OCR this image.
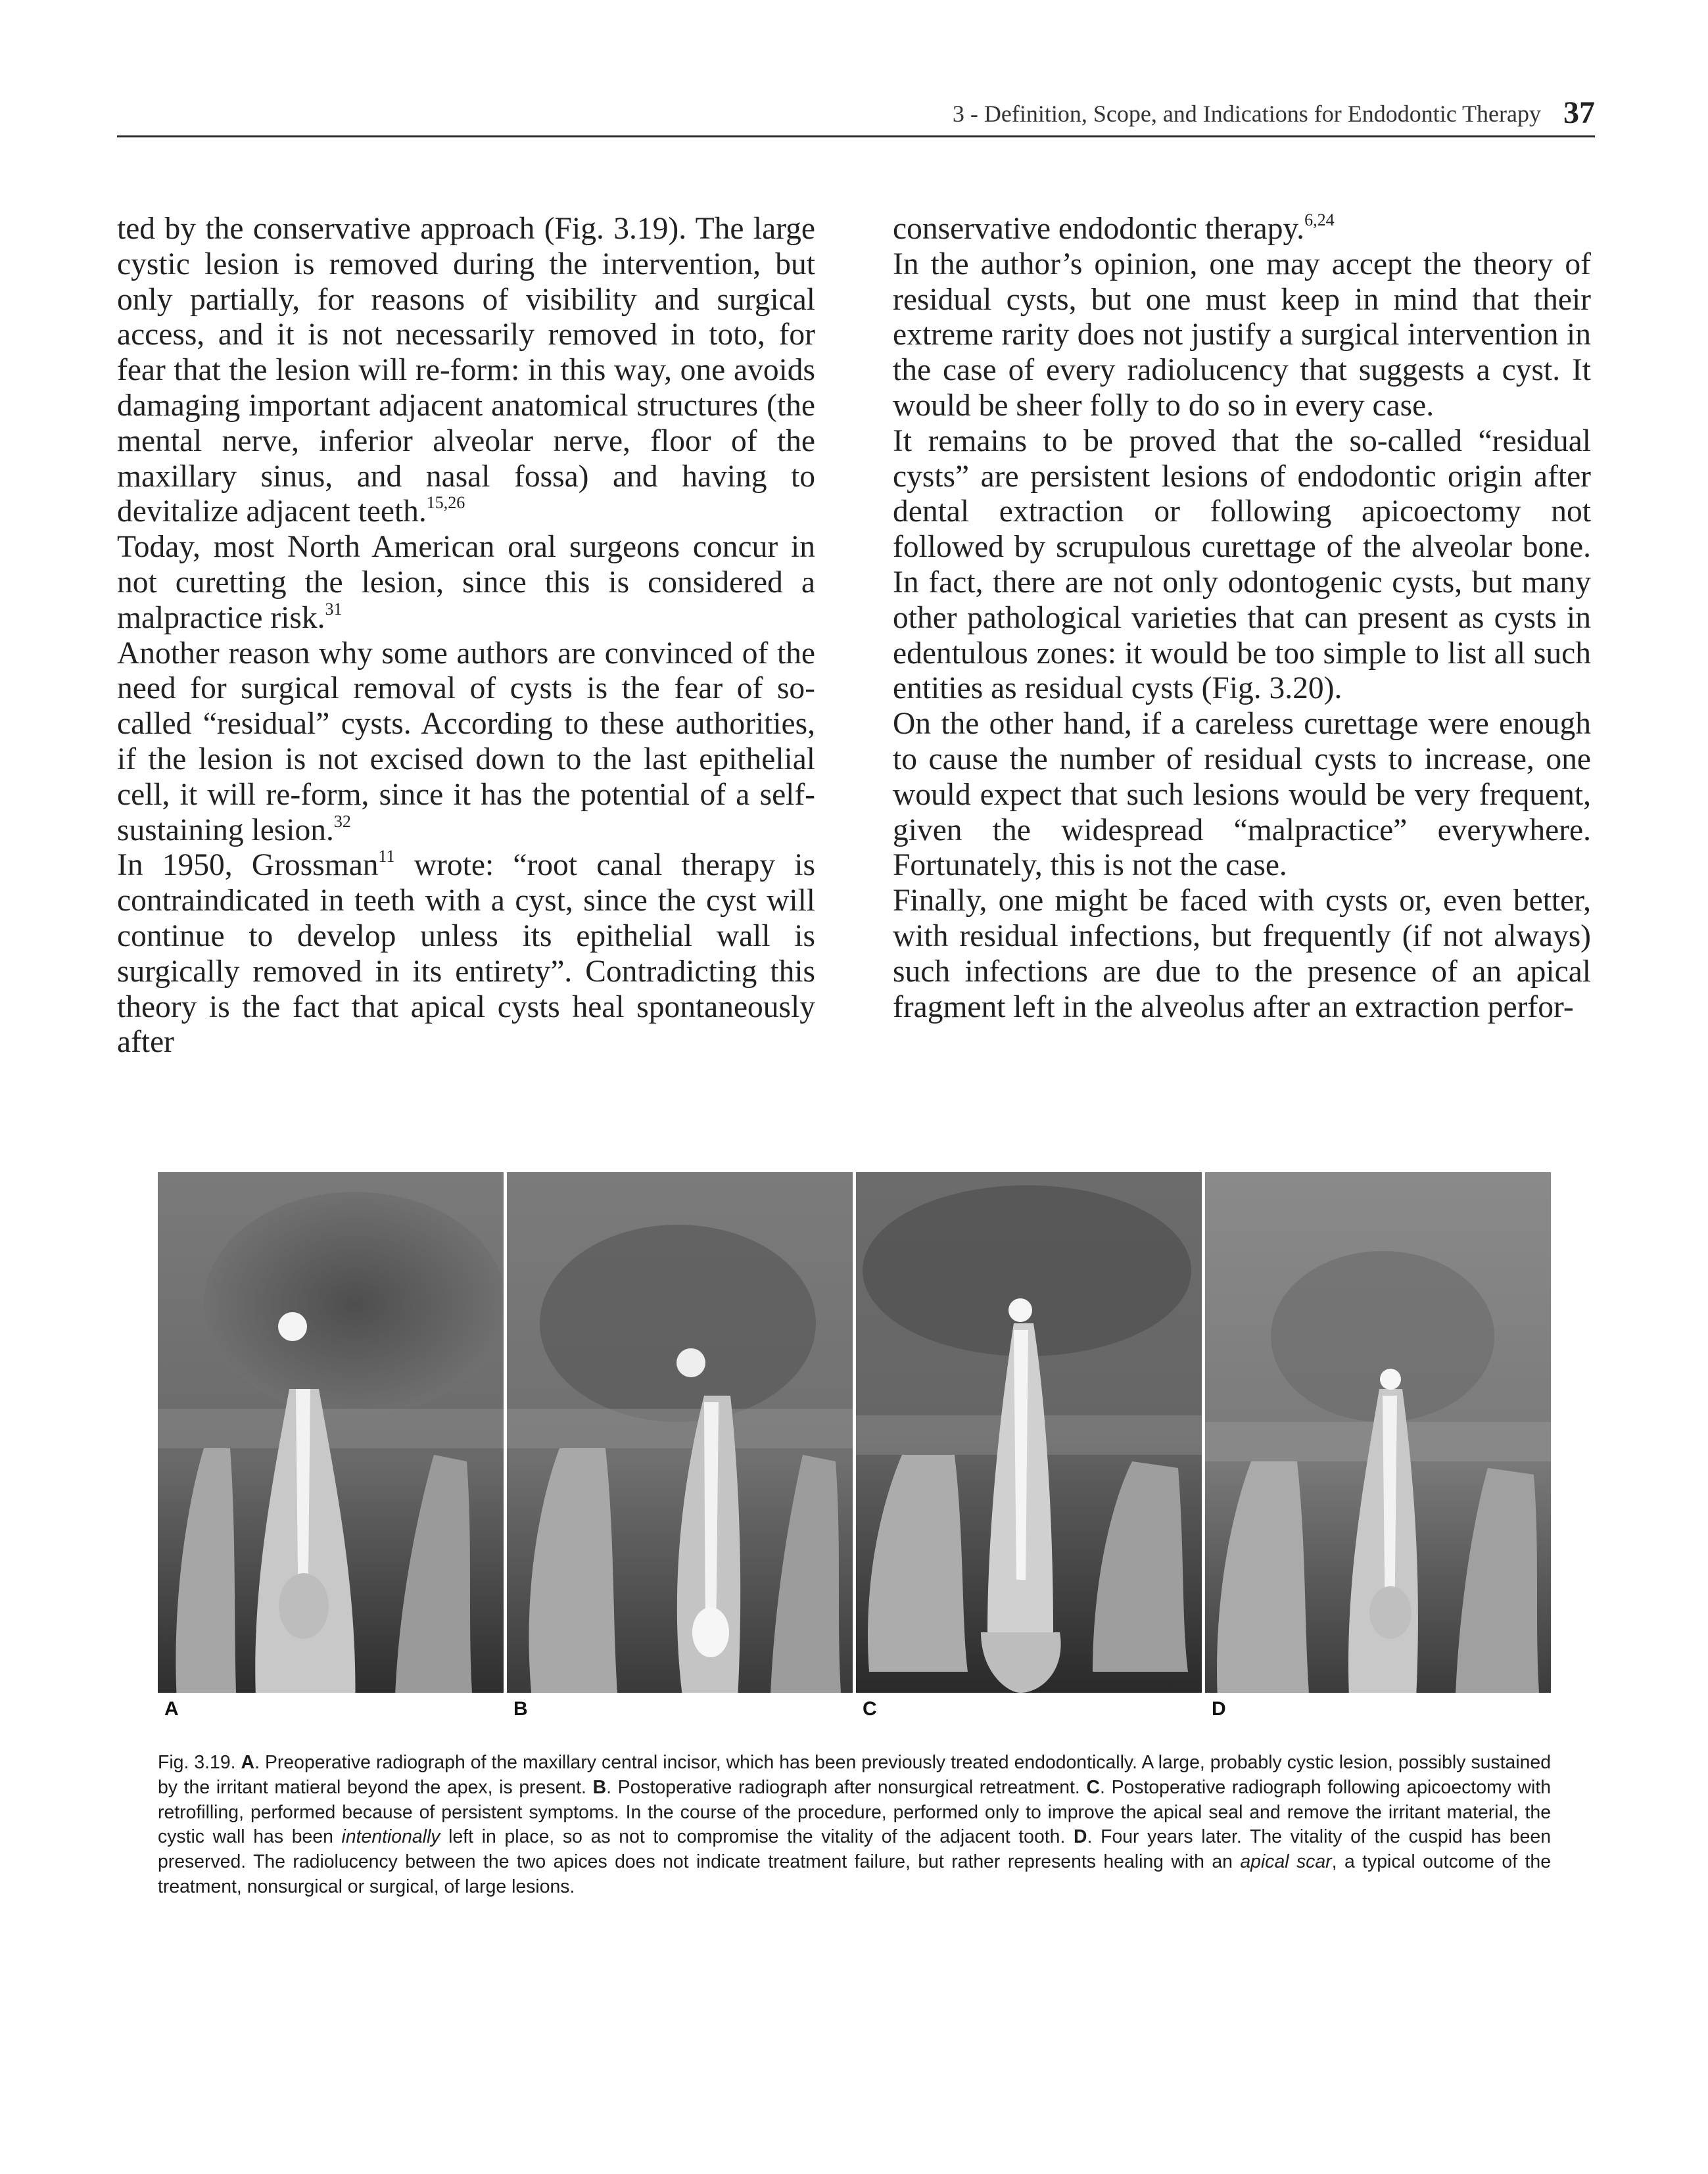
3 - Definition, Scope, and Indications for Endodontic Therapy 37

ted by the conservative approach (Fig. 3.19). The large cystic lesion is removed during the intervention, but only partially, for reasons of visibility and surgical access, and it is not necessarily removed in toto, for fear that the lesion will re-form: in this way, one avoids damaging important adjacent anatomical structures (the mental nerve, inferior alveolar nerve, floor of the maxillary sinus, and nasal fossa) and having to devitalize adjacent teeth.$^{15,26}$

Today, most North American oral surgeons concur in not curetting the lesion, since this is considered a malpractice risk.$^{31}$

Another reason why some authors are convinced of the need for surgical removal of cysts is the fear of so-called “residual” cysts. According to these authorities, if the lesion is not excised down to the last epithelial cell, it will re-form, since it has the potential of a self-sustaining lesion.$^{32}$

In 1950, Grossman$^{11}$ wrote: “root canal therapy is contraindicated in teeth with a cyst, since the cyst will continue to develop unless its epithelial wall is surgically removed in its entirety”. Contradicting this theory is the fact that apical cysts heal spontaneously after

conservative endodontic therapy.$^{6,24}$

In the author’s opinion, one may accept the theory of residual cysts, but one must keep in mind that their extreme rarity does not justify a surgical intervention in the case of every radiolucency that suggests a cyst. It would be sheer folly to do so in every case.

It remains to be proved that the so-called “residual cysts” are persistent lesions of endodontic origin after dental extraction or following apicoectomy not followed by scrupulous curettage of the alveolar bone. In fact, there are not only odontogenic cysts, but many other pathological varieties that can present as cysts in edentulous zones: it would be too simple to list all such entities as residual cysts (Fig. 3.20).

On the other hand, if a careless curettage were enough to cause the number of residual cysts to increase, one would expect that such lesions would be very frequent, given the widespread “malpractice” everywhere. Fortunately, this is not the case.

Finally, one might be faced with cysts or, even better, with residual infections, but frequently (if not always) such infections are due to the presence of an apical fragment left in the alveolus after an extraction perfor-

A	B	C	D
Fig. 3.19. A. Preoperative radiograph of the maxillary central incisor, which has been previously treated endodontically. A large, probably cystic lesion, possibly sustained by the irritant matieral beyond the apex, is present. B. Postoperative radiograph after nonsurgical retreatment. C. Postoperative radiograph following apicoectomy with retrofilling, performed because of persistent symptoms. In the course of the procedure, performed only to improve the apical seal and remove the irritant material, the cystic wall has been intentionally left in place, so as not to compromise the vitality of the adjacent tooth. D. Four years later. The vitality of the cuspid has been preserved. The radiolucency between the two apices does not indicate treatment failure, but rather represents healing with an apical scar, a typical outcome of the treatment, nonsurgical or surgical, of large lesions.
